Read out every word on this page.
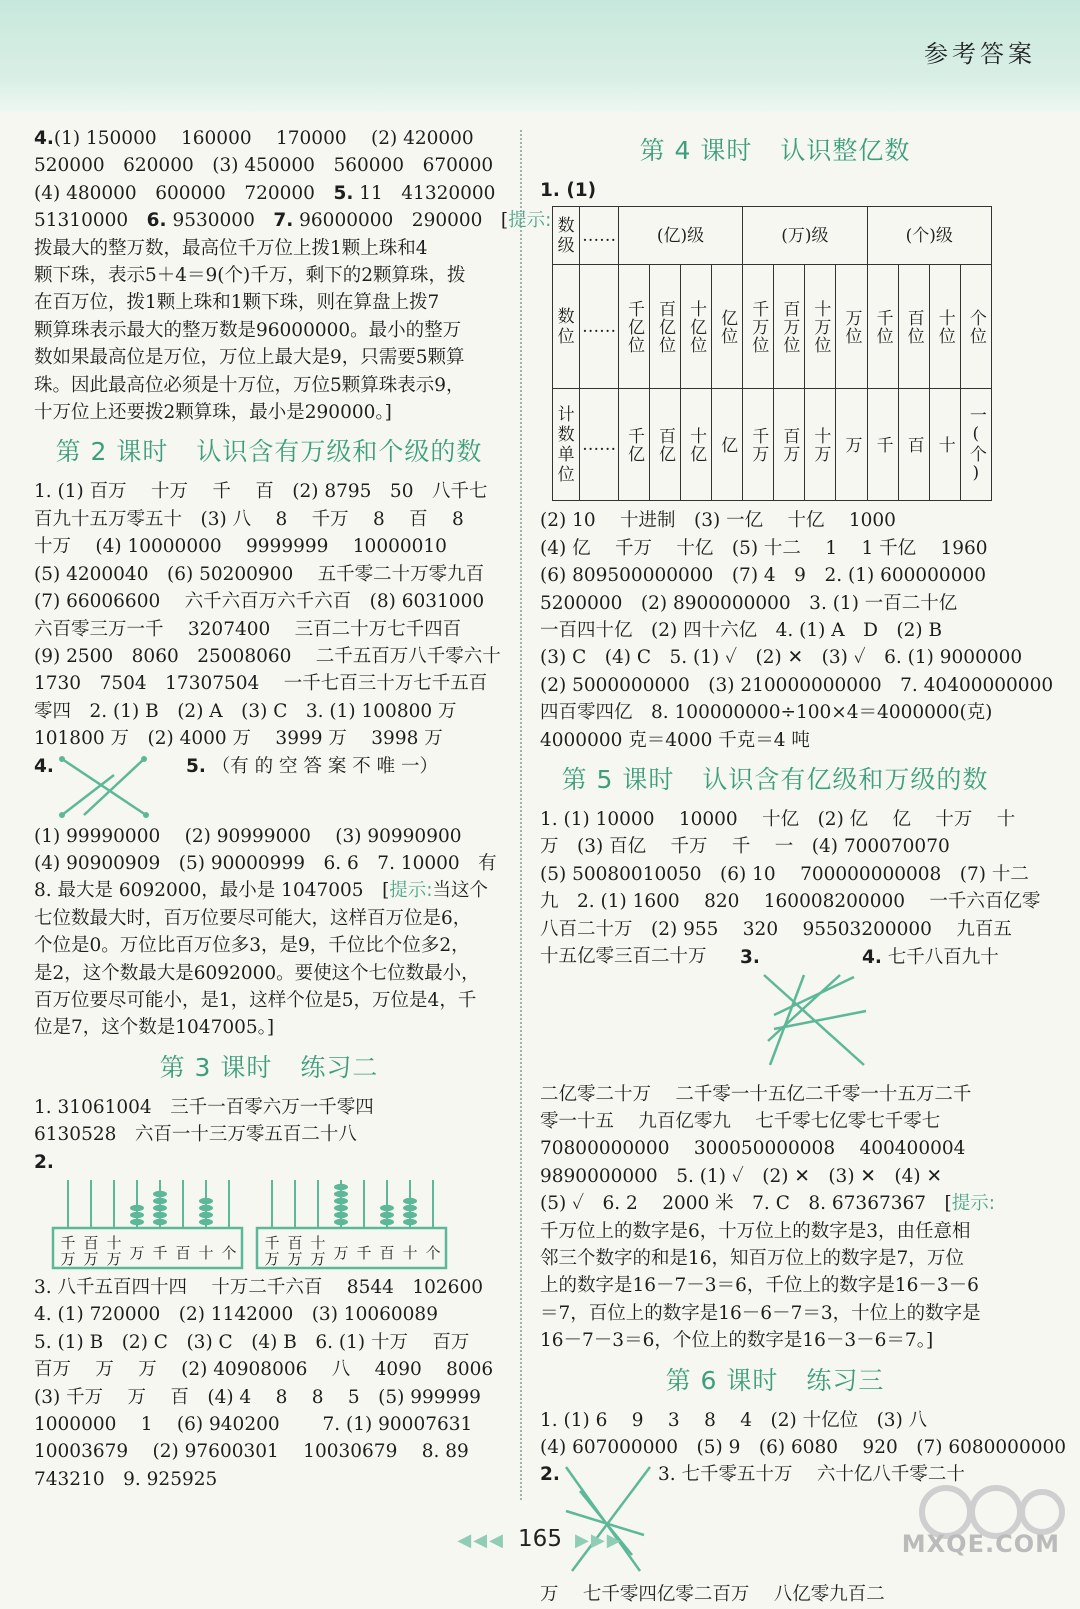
参考答案

4.(1) 150000　 160000　 170000　 (2) 420000

520000　620000　(3) 450000　560000　670000

(4) 480000　600000　720000　5. 11　41320000

51310000　6. 9530000　7. 96000000　290000　[提示:

拨最大的整万数，最高位千万位上拨1颗上珠和4

颗下珠，表示5＋4＝9(个)千万，剩下的2颗算珠，拨

在百万位，拨1颗上珠和1颗下珠，则在算盘上拨7

颗算珠表示最大的整万数是96000000。最小的整万

数如果最高位是万位，万位上最大是9，只需要5颗算

珠。因此最高位必须是十万位，万位5颗算珠表示9，

十万位上还要拨2颗算珠，最小是290000。]

第 2 课时 认识含有万级和个级的数

1. (1) 百万　 十万　 千　 百　(2) 8795　50　八千七

百九十五万零五十　(3) 八　 8　 千万　 8　 百　 8

十万　 (4) 10000000　 9999999　 10000010

(5) 4200040　(6) 50200900　 五千零二十万零九百

(7) 66006600　 六千六百万六千六百　(8) 6031000

六百零三万一千　 3207400　 三百二十万七千四百

(9) 2500　8060　25008060　 二千五百万八千零六十

1730　7504　17307504　 一千七百三十万七千五百

零四　2. (1) B　(2) A　(3) C　3. (1) 100800 万

101800 万　(2) 4000 万　 3999 万　 3998 万

4.	5. （有 的 空 答 案 不 唯 一）

(1) 99990000　 (2) 90999000　 (3) 90990900

(4) 90900909　(5) 90000999　6. 6　7. 10000　有

8. 最大是 6092000，最小是 1047005　[提示:当这个

七位数最大时，百万位要尽可能大，这样百万位是6，

个位是0。万位比百万位多3，是9，千位比个位多2，

是2，这个数最大是6092000。要使这个七位数最小，

百万位要尽可能小，是1，这样个位是5，万位是4，千

位是7，这个数是1047005。]

第 3 课时 练习二

1. 31061004　三千一百零六万一千零四

6130528　六百一十三万零五百二十八

2.

千
万
百
万
十
万 万 千 百 十 个
千
万
百
万
十
万 万 千 百 十 个

3. 八千五百四十四　 十万二千六百　 8544　102600

4. (1) 720000　(2) 1142000　(3) 10060089

5. (1) B　(2) C　(3) C　(4) B　6. (1) 十万　 百万

百万　 万　 万　 (2) 40908006　 八　 4090　 8006

(3) 千万　 万　 百　(4) 4　 8　 8　 5　(5) 999999

1000000　 1　 (6) 940200　　 7. (1) 90007631

10003679　 (2) 97600301　 10030679　 8. 89

743210　9. 925925

第 4 课时 认识整亿数

1. (1)

数级	……	(亿)级				(万)级				(个)级			
数位	……	千亿位	百亿位	十亿位	亿位	千万位	百万位	十万位	万位	千位	百位	十位	个位
计数单位	……	千亿	百亿	十亿	亿	千万	百万	十万	万	千	百	十	一(个)

(2) 10　 十进制　(3) 一亿　 十亿　 1000

(4) 亿　 千万　 十亿　(5) 十二　 1　 1 千亿　 1960

(6) 809500000000　(7) 4　9　2. (1) 600000000

5200000　(2) 8900000000　3. (1) 一百二十亿

一百四十亿　(2) 四十六亿　4. (1) A　D　(2) B

(3) C　(4) C　5. (1) ✓　(2) ✕　(3) ✓　6. (1) 9000000

(2) 5000000000　(3) 210000000000　7. 40400000000

四百零四亿　8. 100000000÷100×4＝4000000(克)

4000000 克＝4000 千克＝4 吨

第 5 课时 认识含有亿级和万级的数

1. (1) 10000　 10000　 十亿　(2) 亿　 亿　 十万　 十

万　(3) 百亿　 千万　 千　 一　(4) 700070070

(5) 50080010050　(6) 10　 700000000008　(7) 十二

九　2. (1) 1600　 820　 160008200000　 一千六百亿零

八百二十万　(2) 955　 320　 95503200000　 九百五

十五亿零三百二十万	3.	4. 七千八百九十

二亿零二十万　 二千零一十五亿二千零一十五万二千

零一十五　 九百亿零九　 七千零七亿零七千零七

70800000000　 300050000008　 400400004

9890000000　5. (1) ✓　(2) ✕　(3) ✕　(4) ✕

(5) ✓　6. 2　 2000 米　7. C　8. 67367367　[提示:

千万位上的数字是6，十万位上的数字是3，由任意相

邻三个数字的和是16，知百万位上的数字是7，万位

上的数字是16－7－3＝6，千位上的数字是16－3－6

＝7，百位上的数字是16－6－7＝3，十位上的数字是

16－7－3＝6，个位上的数字是16－3－6＝7。]

第 6 课时 练习三

1. (1) 6　 9　 3　 8　 4　(2) 十亿位　(3) 八

(4) 607000000　(5) 9　(6) 6080　 920　(7) 6080000000

2.	3. 七千零五十万　 六十亿八千零二十

万　 七千零四亿零二百万　 八亿零九百二

◀◀◀ 165 ▶▶▶	MXQE.COM
